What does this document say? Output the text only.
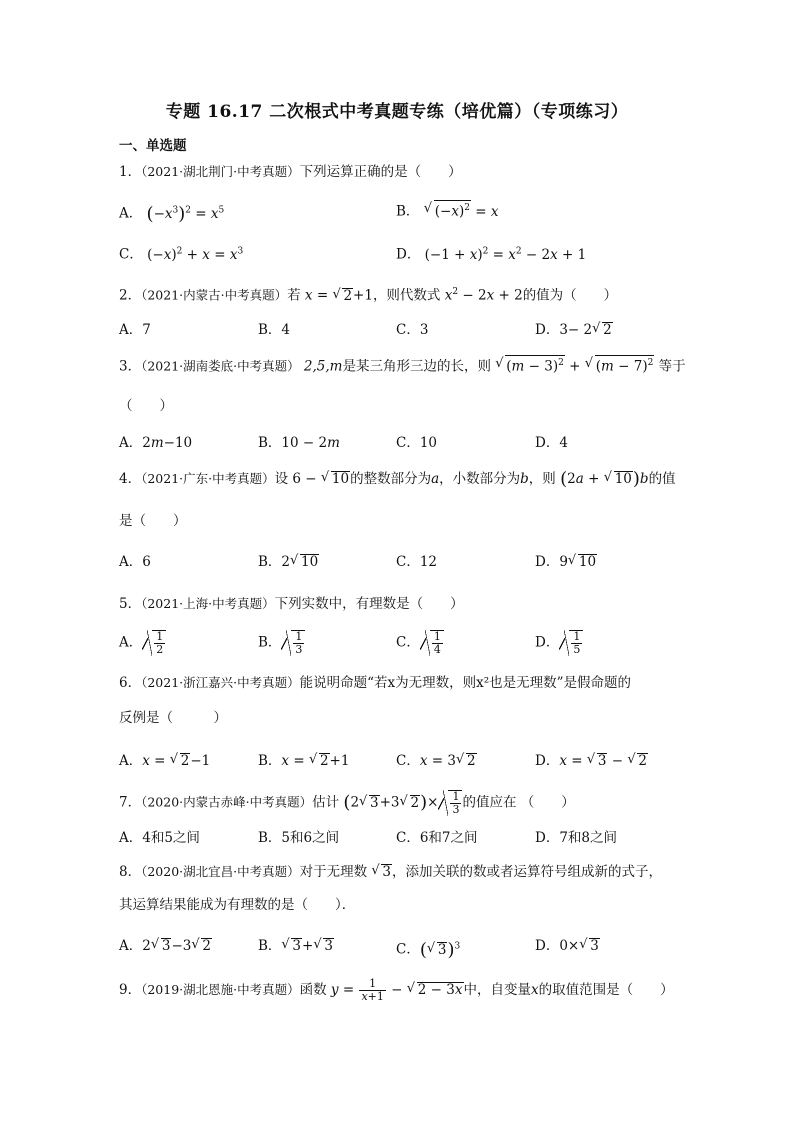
专题 16.17 二次根式中考真题专练（培优篇）（专项练习）
一、单选题
1．（2021·湖北荆门·中考真题）下列运算正确的是（　　）
A． $(-x^3)^2 = x^5$	B． √ $(-x)^2 = x$
C． $(-x)^2 + x = x^3$	D． $(-1 + x)^2 = x^2 - 2x + 1$
2．（2021·内蒙古·中考真题）若 x = √ 2+1，则代数式 $x^2 - 2x + 2$的值为（　　）
A．7	B．4	C．3	D．3− 2 √ 2
3．（2021·湖南娄底·中考真题） 2,5,m是某三角形三边的长，则 √ $(m - 3)^2$ + √ $(m - 7)^2$ 等于
（　　）
A．2m−10	B．10 − 2m	C．10	D．4
4．（2021·广东·中考真题）设 6 − √ 10的整数部分为a，小数部分为b，则 (2a + √ 10)b的值
是（　　）
A．6	B．2 √ 10	C．12	D．9 √ 10
5．（2021·上海·中考真题）下列实数中，有理数是（　　）
A． $\frac{1}{2}$	B． $\frac{1}{3}$	C． $\frac{1}{4}$	D． $\frac{1}{5}$
6．（2021·浙江嘉兴·中考真题）能说明命题“若x为无理数，则x²也是无理数”是假命题的
反例是（　　　）
A．x = √ 2−1	B．x = √ 2+1	C．x = 3 √ 2	D．x = √ 3 − √ 2
7．（2020·内蒙古赤峰·中考真题）估计 (2 √ 3+3 √ $2)\times \frac{1}{3}$ 的值应在 （　　）
A．4和5之间	B．5和6之间	C．6和7之间	D．7和8之间
8．（2020·湖北宜昌·中考真题）对于无理数 √ 3，添加关联的数或者运算符号组成新的式子，
其运算结果能成为有理数的是（　　）．
A．2 √ 3−3 √ 2	B． √ 3+ √ 3	C．( √ 3)$^3$	D．0× √ 3
9．（2019·湖北恩施·中考真题）函数 $y = \frac{1}{x+1}$ − √ 2 − 3x中，自变量x的取值范围是（　　）
